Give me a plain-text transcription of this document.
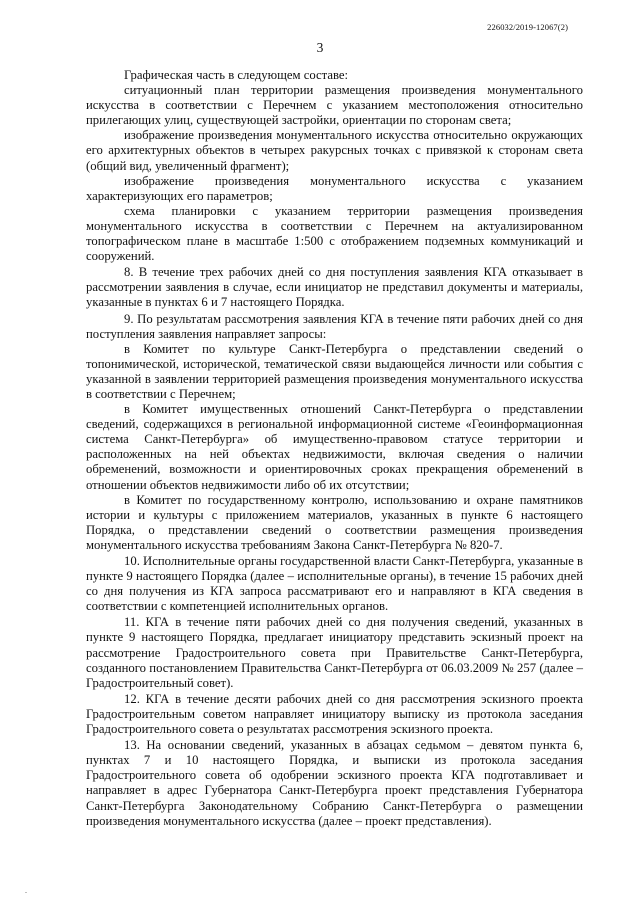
226032/2019-12067(2)
3

Графическая часть в следующем составе:

ситуационный план территории размещения произведения монументального искусства в соответствии с Перечнем с указанием местоположения относительно прилегающих улиц, существующей застройки, ориентации по сторонам света;

изображение произведения монументального искусства относительно окружающих его архитектурных объектов в четырех ракурсных точках с привязкой к сторонам света (общий вид, увеличенный фрагмент);

изображение произведения монументального искусства с указанием характеризующих его параметров;

схема планировки с указанием территории размещения произведения монументального искусства в соответствии с Перечнем на актуализированном топографическом плане в масштабе 1:500 с отображением подземных коммуникаций и сооружений.

8. В течение трех рабочих дней со дня поступления заявления КГА отказывает в рассмотрении заявления в случае, если инициатор не представил документы и материалы, указанные в пунктах 6 и 7 настоящего Порядка.

9. По результатам рассмотрения заявления КГА в течение пяти рабочих дней со дня поступления заявления направляет запросы:

в Комитет по культуре Санкт-Петербурга о представлении сведений о топонимической, исторической, тематической связи выдающейся личности или события с указанной в заявлении территорией размещения произведения монументального искусства в соответствии с Перечнем;

в Комитет имущественных отношений Санкт-Петербурга о представлении сведений, содержащихся в региональной информационной системе «Геоинформационная система Санкт-Петербурга» об имущественно-правовом статусе территории и расположенных на ней объектах недвижимости, включая сведения о наличии обременений, возможности и ориентировочных сроках прекращения обременений в отношении объектов недвижимости либо об их отсутствии;

в Комитет по государственному контролю, использованию и охране памятников истории и культуры с приложением материалов, указанных в пункте 6 настоящего Порядка, о представлении сведений о соответствии размещения произведения монументального искусства требованиям Закона Санкт-Петербурга № 820-7.

10. Исполнительные органы государственной власти Санкт-Петербурга, указанные в пункте 9 настоящего Порядка (далее – исполнительные органы), в течение 15 рабочих дней со дня получения из КГА запроса рассматривают его и направляют в КГА сведения в соответствии с компетенцией исполнительных органов.

11. КГА в течение пяти рабочих дней со дня получения сведений, указанных в пункте 9 настоящего Порядка, предлагает инициатору представить эскизный проект на рассмотрение Градостроительного совета при Правительстве Санкт-Петербурга, созданного постановлением Правительства Санкт-Петербурга от 06.03.2009 № 257 (далее – Градостроительный совет).

12. КГА в течение десяти рабочих дней со дня рассмотрения эскизного проекта Градостроительным советом направляет инициатору выписку из протокола заседания Градостроительного совета о результатах рассмотрения эскизного проекта.

13. На основании сведений, указанных в абзацах седьмом – девятом пункта 6, пунктах 7 и 10 настоящего Порядка, и выписки из протокола заседания Градостроительного совета об одобрении эскизного проекта КГА подготавливает и направляет в адрес Губернатора Санкт-Петербурга проект представления Губернатора Санкт-Петербурга Законодательному Собранию Санкт-Петербурга о размещении произведения монументального искусства (далее – проект представления).

.
